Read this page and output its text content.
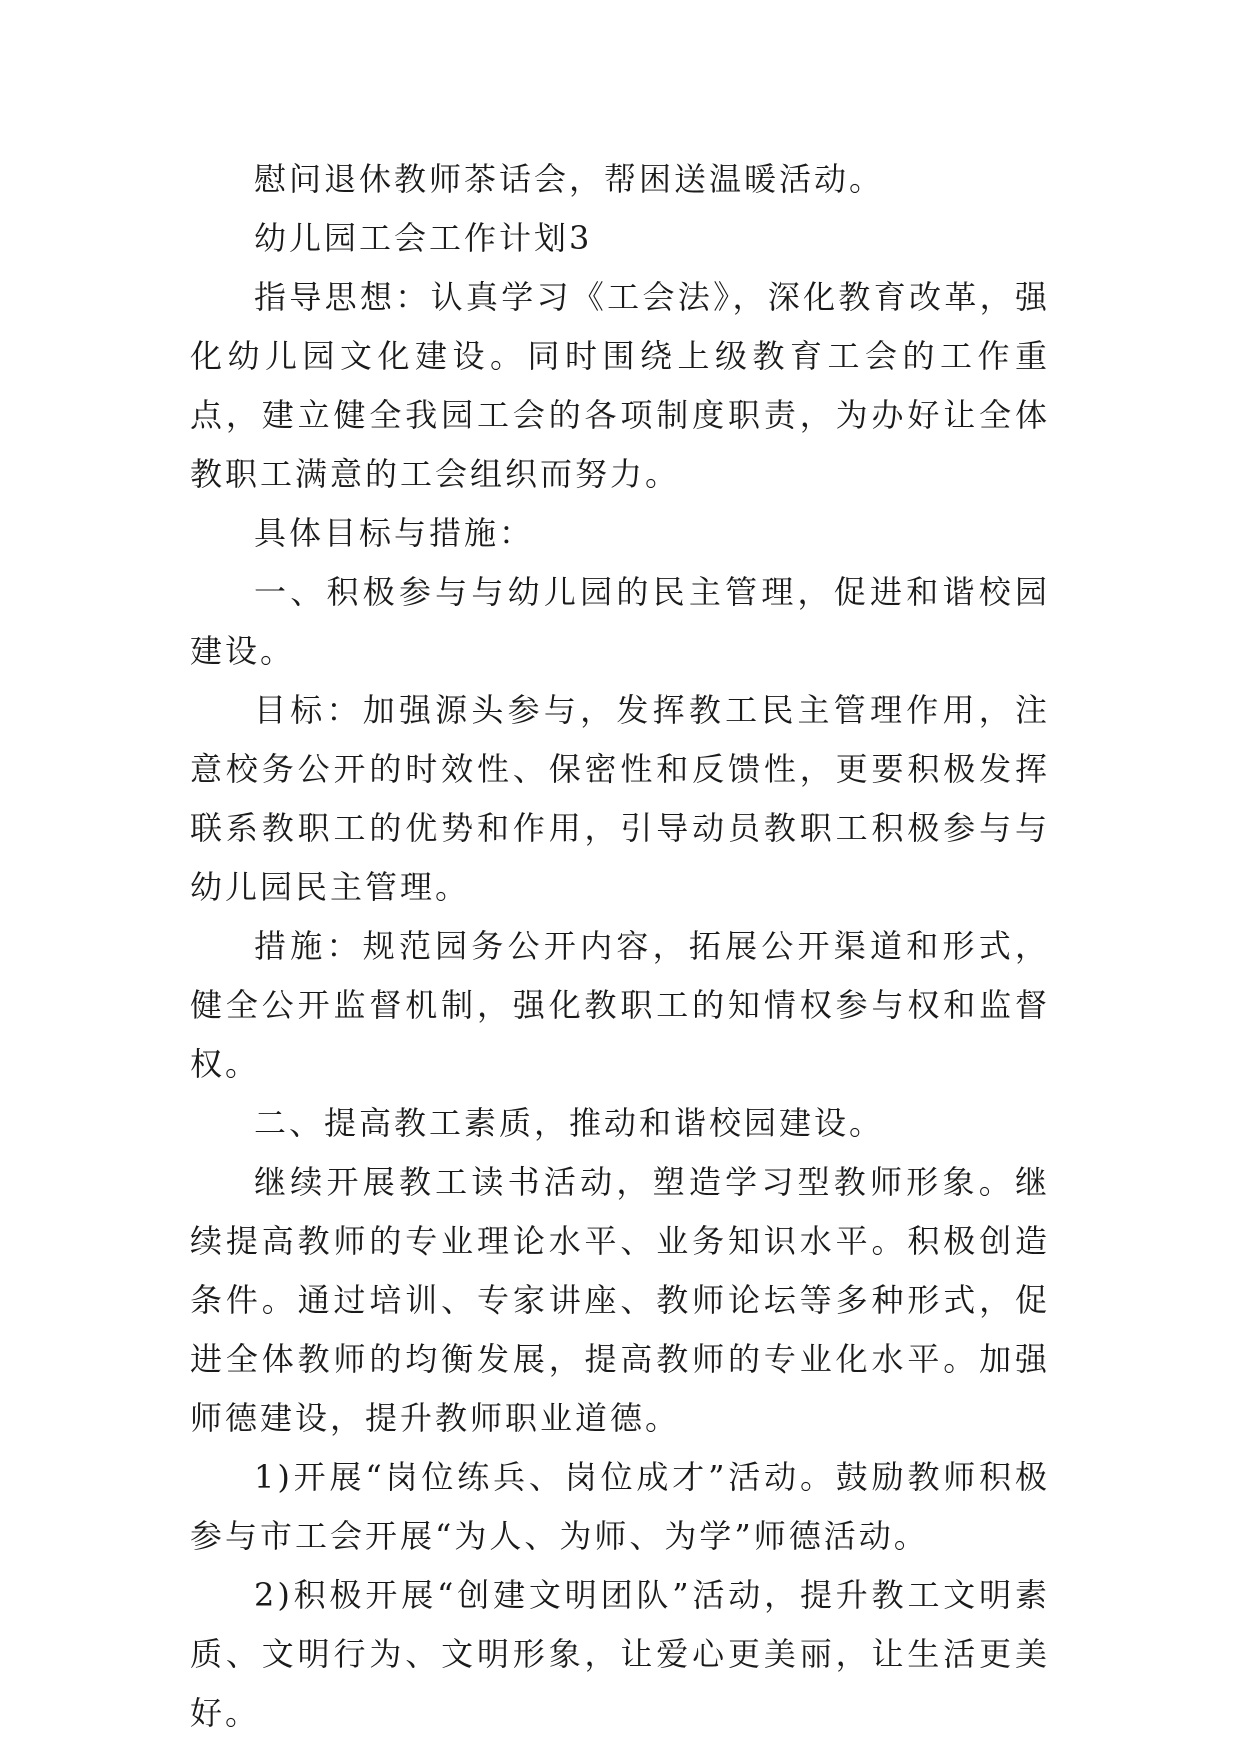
慰问退休教师茶话会，帮困送温暖活动。

幼儿园工会工作计划3

指导思想：认真学习《工会法》，深化教育改革，强化幼儿园文化建设。同时围绕上级教育工会的工作重点，建立健全我园工会的各项制度职责，为办好让全体教职工满意的工会组织而努力。

具体目标与措施：

一、积极参与与幼儿园的民主管理，促进和谐校园建设。

目标：加强源头参与，发挥教工民主管理作用，注意校务公开的时效性、保密性和反馈性，更要积极发挥联系教职工的优势和作用，引导动员教职工积极参与与幼儿园民主管理。

措施：规范园务公开内容，拓展公开渠道和形式，健全公开监督机制，强化教职工的知情权参与权和监督权。

二、提高教工素质，推动和谐校园建设。

继续开展教工读书活动，塑造学习型教师形象。继续提高教师的专业理论水平、业务知识水平。积极创造条件。通过培训、专家讲座、教师论坛等多种形式，促进全体教师的均衡发展，提高教师的专业化水平。加强师德建设，提升教师职业道德。

1)开展“岗位练兵、岗位成才”活动。鼓励教师积极参与市工会开展“为人、为师、为学”师德活动。

2)积极开展“创建文明团队”活动，提升教工文明素质、文明行为、文明形象，让爱心更美丽，让生活更美好。
